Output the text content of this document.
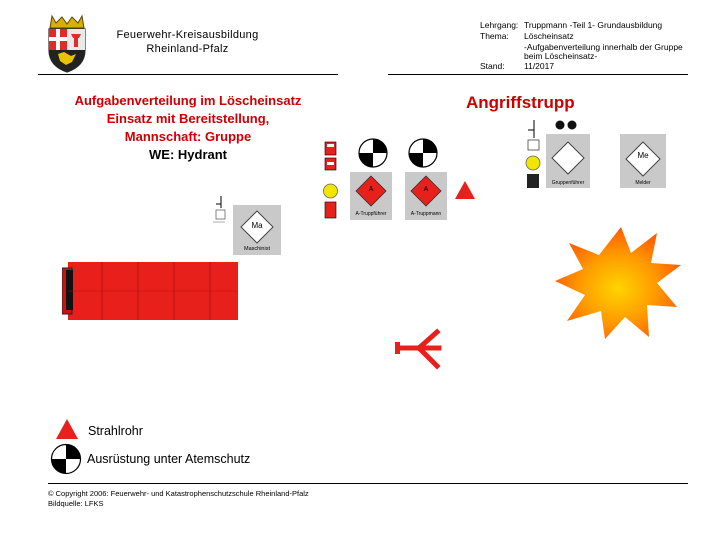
Feuerwehr-Kreisausbildung
Rheinland-Pfalz
Lehrgang: Truppmann -Teil 1- Grundausbildung
Thema:	Löscheinsatz
-Aufgabenverteilung innerhalb der Gruppe
beim Löscheinsatz-
Stand:	11/2017
Aufgabenverteilung im Löscheinsatz
Einsatz mit Bereitstellung,
Mannschaft: Gruppe
WE: Hydrant
Angriffstrupp
Ma
Maschinist
A
A-Truppführer
A
A-Truppmann
Gruppenführer
Me
Melder
Strahlrohr
Ausrüstung unter Atemschutz
© Copyright 2006: Feuerwehr- und Katastrophenschutzschule Rheinland-Pfalz
Bildquelle: LFKS
